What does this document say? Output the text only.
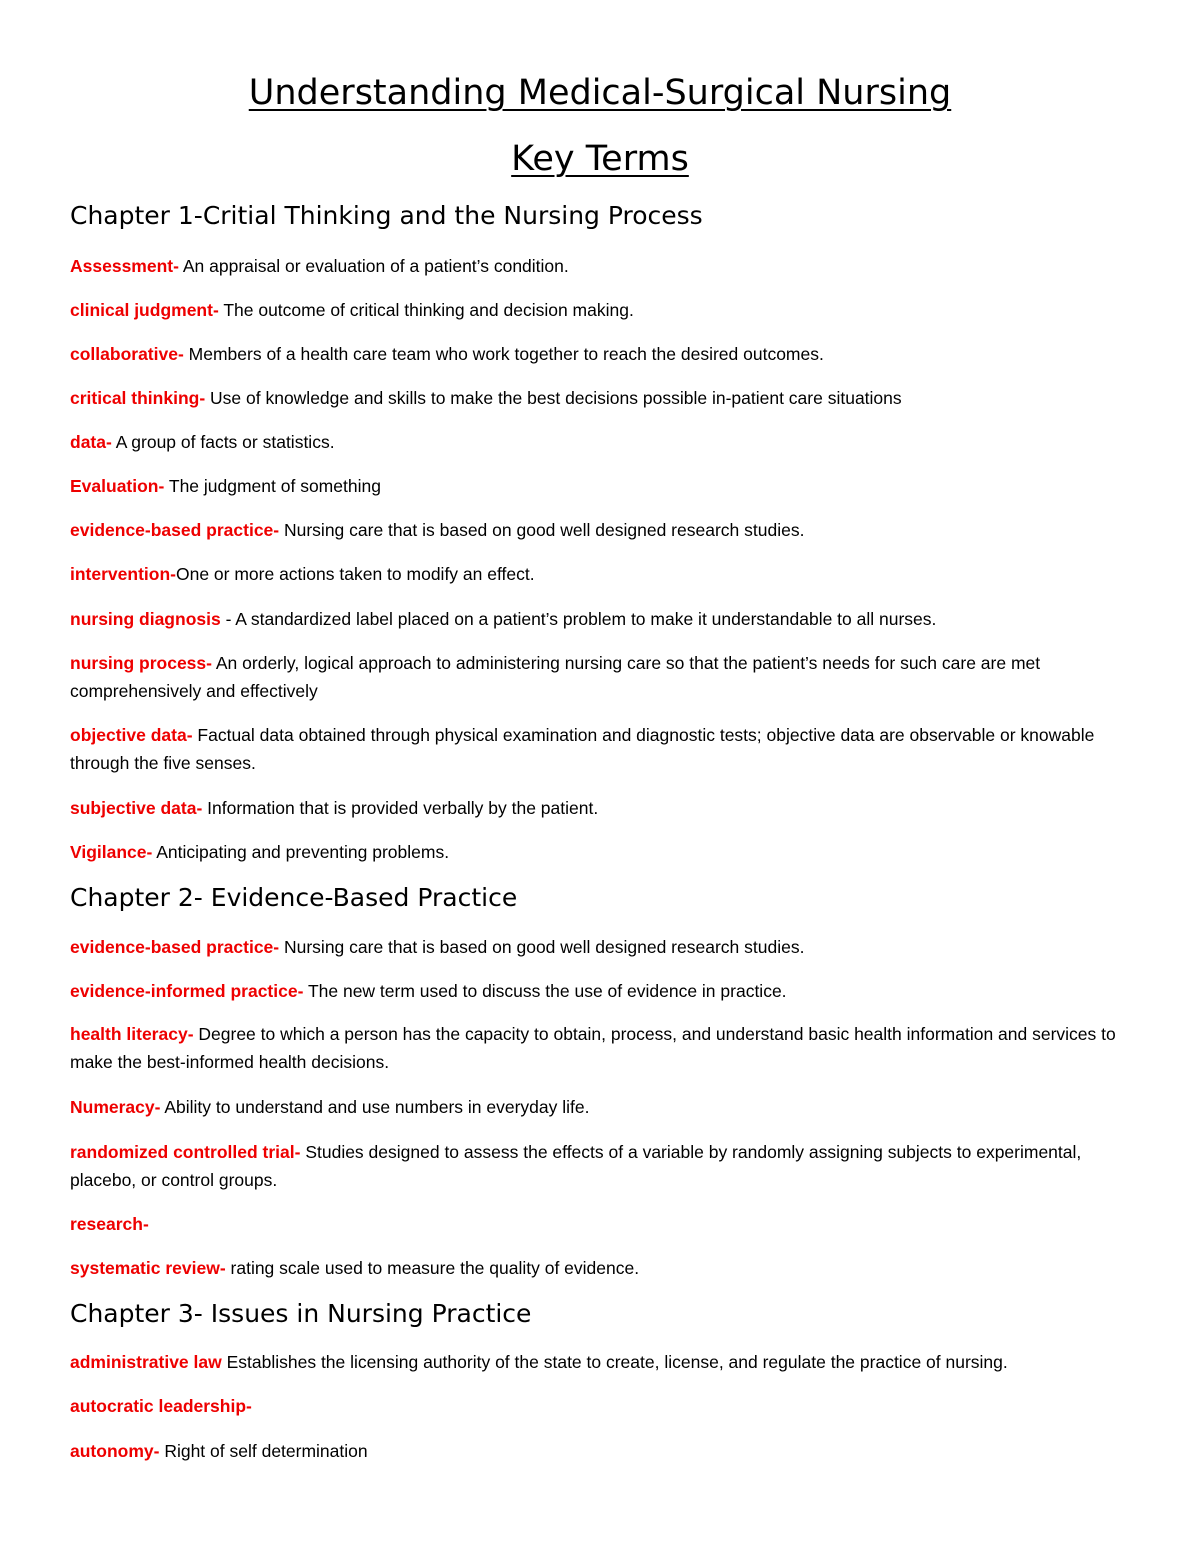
Understanding Medical-Surgical Nursing
Key Terms
Chapter 1-Critial Thinking and the Nursing Process

Assessment- An appraisal or evaluation of a patient’s condition.

clinical judgment- The outcome of critical thinking and decision making.

collaborative- Members of a health care team who work together to reach the desired outcomes.

critical thinking- Use of knowledge and skills to make the best decisions possible in-patient care situations

data- A group of facts or statistics.

Evaluation- The judgment of something

evidence-based practice- Nursing care that is based on good well designed research studies.

intervention-One or more actions taken to modify an effect.

nursing diagnosis - A standardized label placed on a patient’s problem to make it understandable to all nurses.

nursing process- An orderly, logical approach to administering nursing care so that the patient’s needs for such care are met comprehensively and effectively

objective data- Factual data obtained through physical examination and diagnostic tests; objective data are observable or knowable through the five senses.

subjective data- Information that is provided verbally by the patient.

Vigilance- Anticipating and preventing problems.

Chapter 2- Evidence-Based Practice

evidence-based practice- Nursing care that is based on good well designed research studies.

evidence-informed practice- The new term used to discuss the use of evidence in practice.

health literacy- Degree to which a person has the capacity to obtain, process, and understand basic health information and services to make the best-informed health decisions.

Numeracy- Ability to understand and use numbers in everyday life.

randomized controlled trial- Studies designed to assess the effects of a variable by randomly assigning subjects to experimental, placebo, or control groups.

research-

systematic review- rating scale used to measure the quality of evidence.

Chapter 3- Issues in Nursing Practice

administrative law Establishes the licensing authority of the state to create, license, and regulate the practice of nursing.

autocratic leadership-

autonomy- Right of self determination
